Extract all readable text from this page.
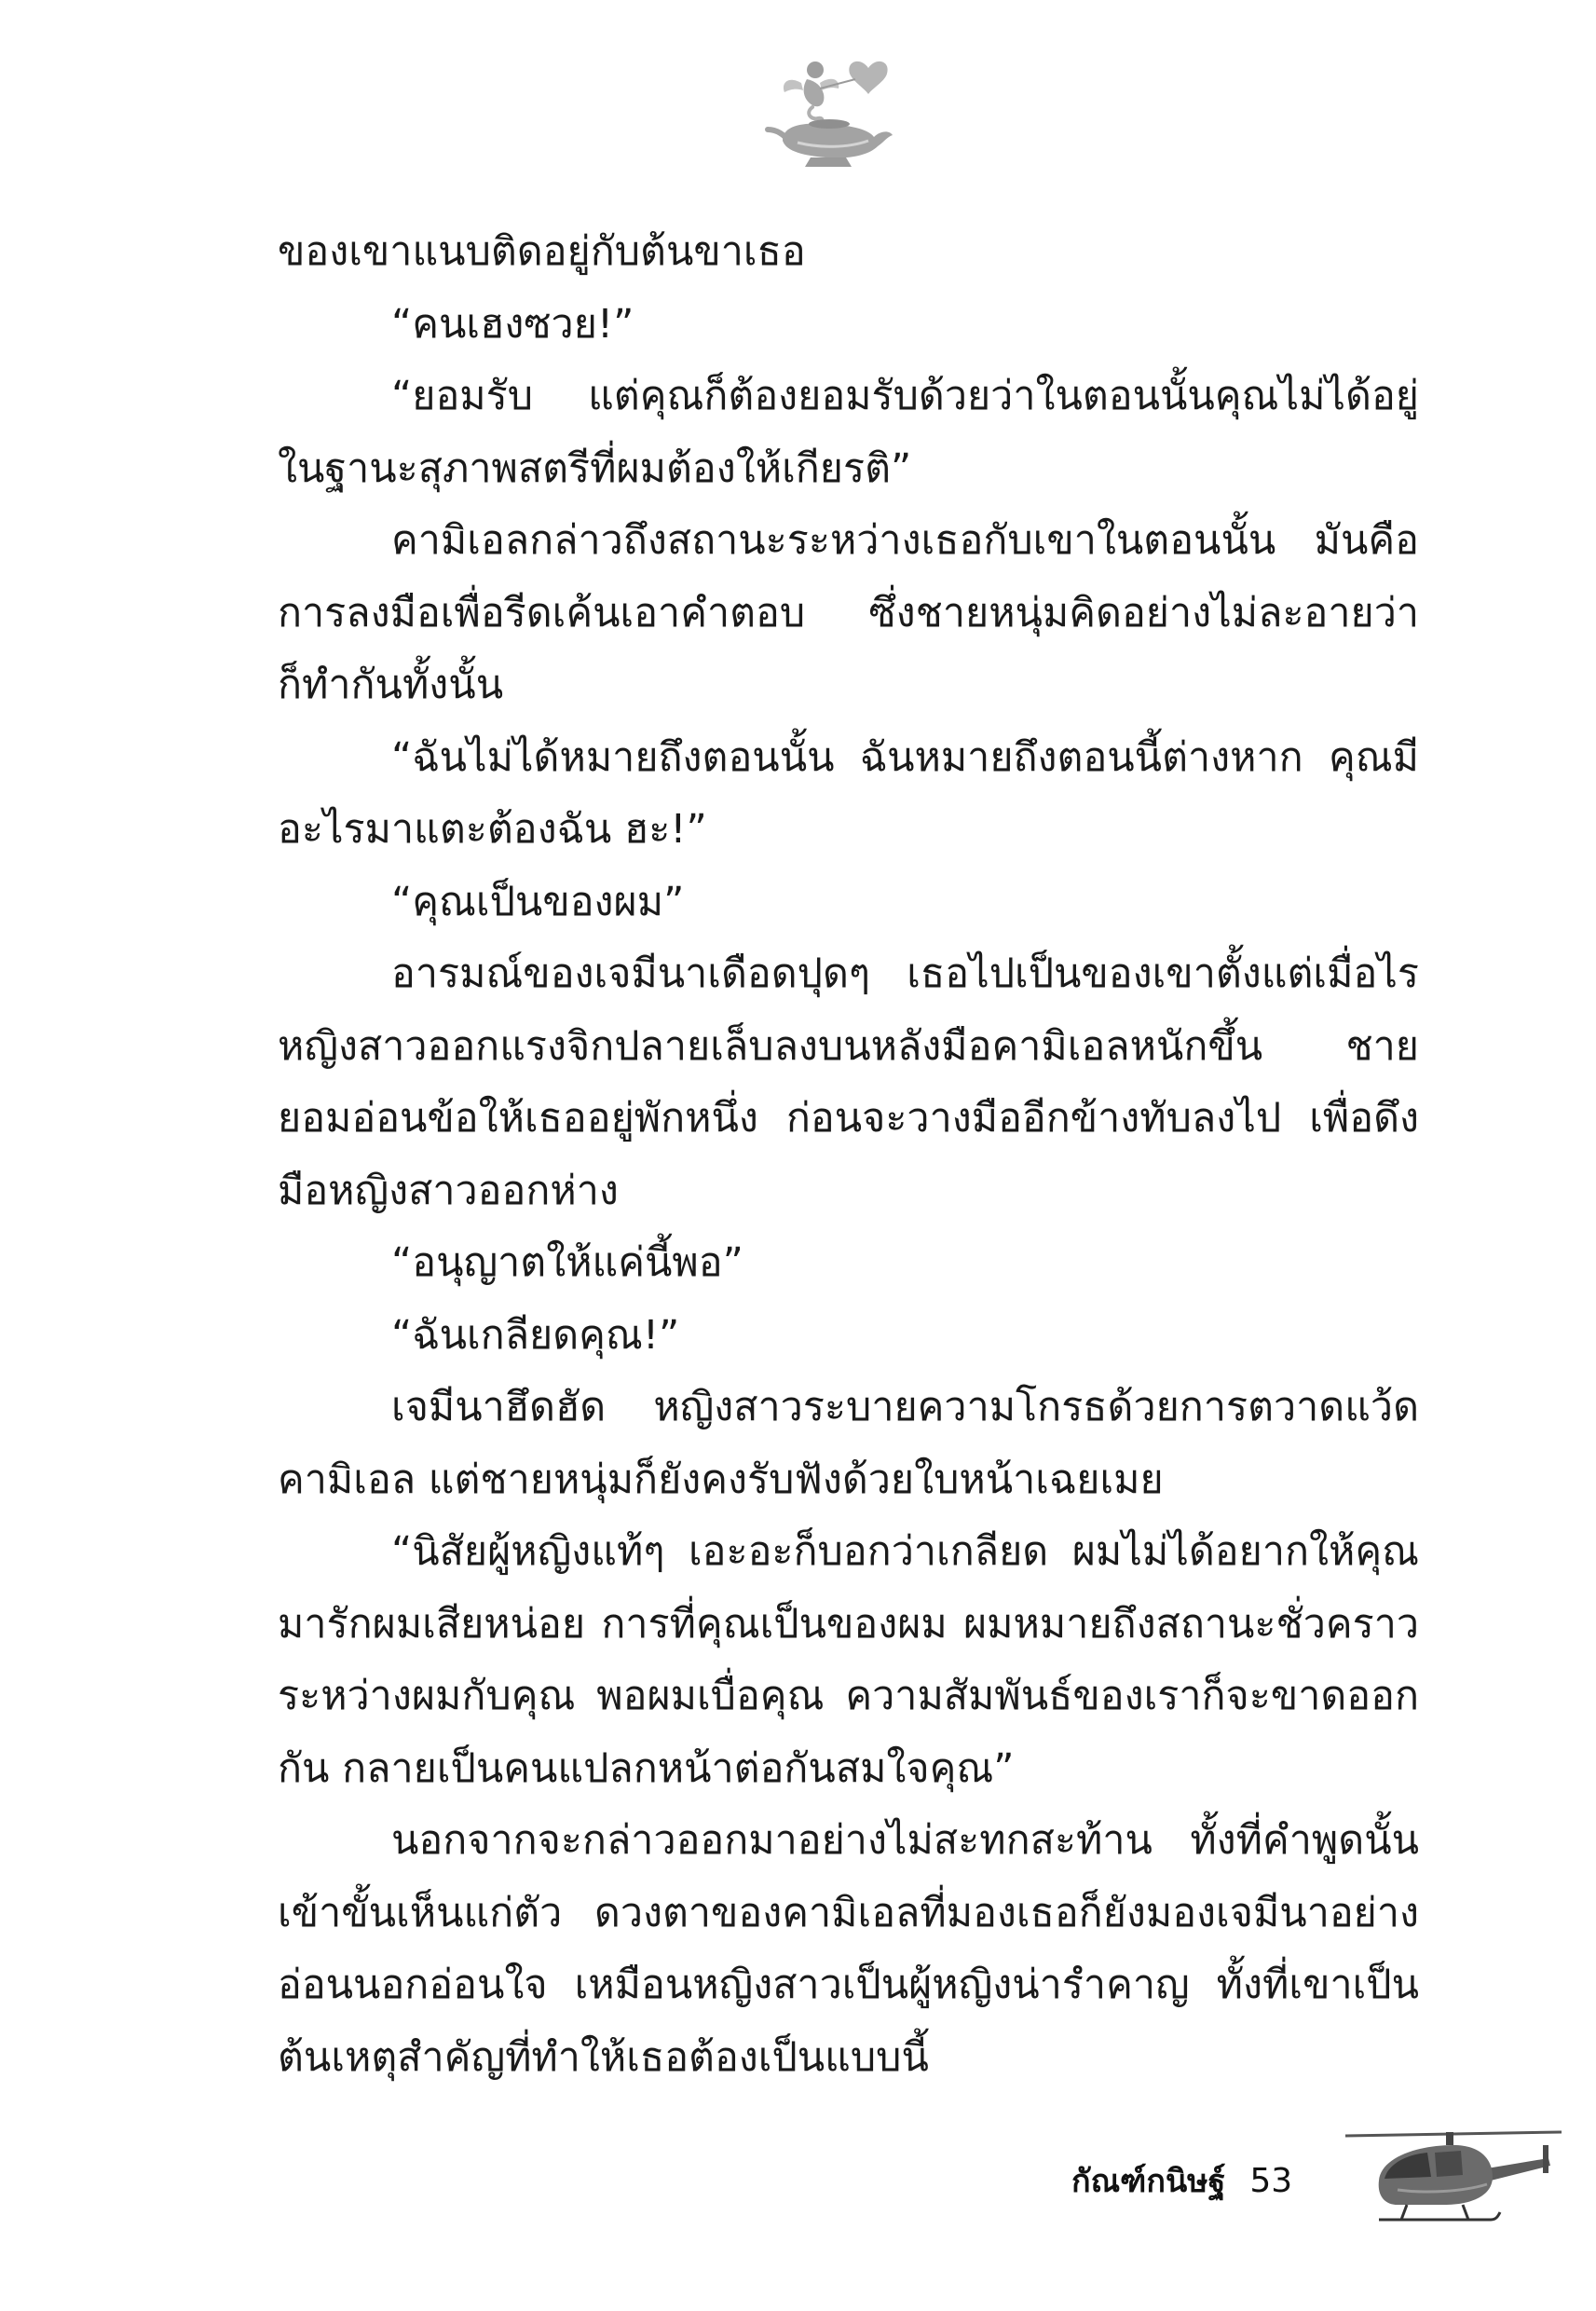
ของเขาแนบติดอยู่กับต้นขาเธอ
“คนเฮงซวย!”
“ยอมรับ แต่คุณก็ต้องยอมรับด้วยว่าในตอนนั้นคุณไม่ได้อยู่
ในฐานะสุภาพสตรีที่ผมต้องให้เกียรติ”
คามิเอลกล่าวถึงสถานะระหว่างเธอกับเขาในตอนนั้น มันคือ
การลงมือเพื่อรีดเค้นเอาคำตอบ ซึ่งชายหนุ่มคิดอย่างไม่ละอายว่า
ก็ทำกันทั้งนั้น
“ฉันไม่ได้หมายถึงตอนนั้น ฉันหมายถึงตอนนี้ต่างหาก คุณมี
อะไรมาแตะต้องฉัน ฮะ!”
“คุณเป็นของผม”
อารมณ์ของเจมีนาเดือดปุดๆ เธอไปเป็นของเขาตั้งแต่เมื่อไร
หญิงสาวออกแรงจิกปลายเล็บลงบนหลังมือคามิเอลหนักขึ้น ชาย
ยอมอ่อนข้อให้เธออยู่พักหนึ่ง ก่อนจะวางมืออีกข้างทับลงไป เพื่อดึง
มือหญิงสาวออกห่าง
“อนุญาตให้แค่นี้พอ”
“ฉันเกลียดคุณ!”
เจมีนาฮึดฮัด หญิงสาวระบายความโกรธด้วยการตวาดแว้ด
คามิเอล แต่ชายหนุ่มก็ยังคงรับฟังด้วยใบหน้าเฉยเมย
“นิสัยผู้หญิงแท้ๆ เอะอะก็บอกว่าเกลียด ผมไม่ได้อยากให้คุณ
มารักผมเสียหน่อย การที่คุณเป็นของผม ผมหมายถึงสถานะชั่วคราว
ระหว่างผมกับคุณ พอผมเบื่อคุณ ความสัมพันธ์ของเราก็จะขาดออก
กัน กลายเป็นคนแปลกหน้าต่อกันสมใจคุณ”
นอกจากจะกล่าวออกมาอย่างไม่สะทกสะท้าน ทั้งที่คำพูดนั้น
เข้าขั้นเห็นแก่ตัว ดวงตาของคามิเอลที่มองเธอก็ยังมองเจมีนาอย่าง
อ่อนนอกอ่อนใจ เหมือนหญิงสาวเป็นผู้หญิงน่ารำคาญ ทั้งที่เขาเป็น
ต้นเหตุสำคัญที่ทำให้เธอต้องเป็นแบบนี้
กัณฑ์กนิษฐ์ 53
